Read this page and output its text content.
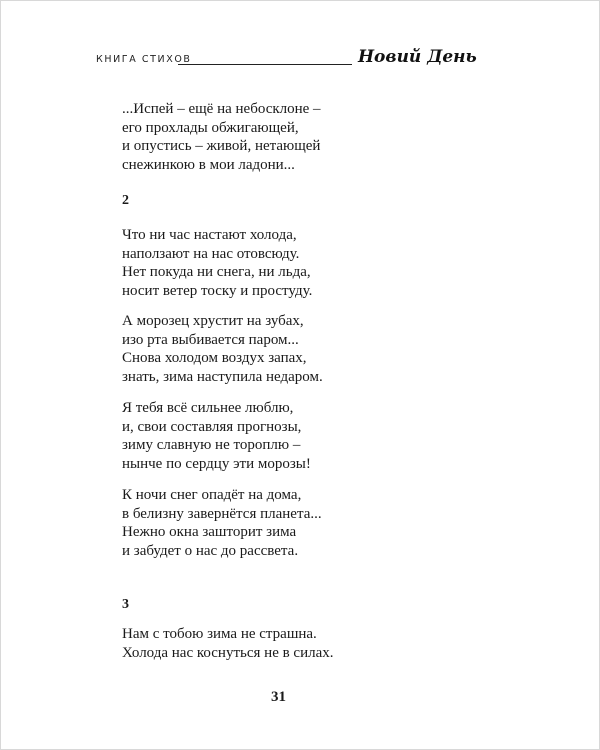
КНИГА СТИХОВ	Новий День
...Испей – ещё на небосклоне –
его прохлады обжигающей,
и опустись – живой, нетающей
снежинкою в мои ладони...
2
Что ни час настают холода,
наползают на нас отовсюду.
Нет покуда ни снега, ни льда,
носит ветер тоску и простуду.
А морозец хрустит на зубах,
изо рта выбивается паром...
Снова холодом воздух запах,
знать, зима наступила недаром.
Я тебя всё сильнее люблю,
и, свои составляя прогнозы,
зиму славную не тороплю –
нынче по сердцу эти морозы!
К ночи снег опадёт на дома,
в белизну завернётся планета...
Нежно окна зашторит зима
и забудет о нас до рассвета.
3
Нам с тобою зима не страшна.
Холода нас коснуться не в силах.
31
